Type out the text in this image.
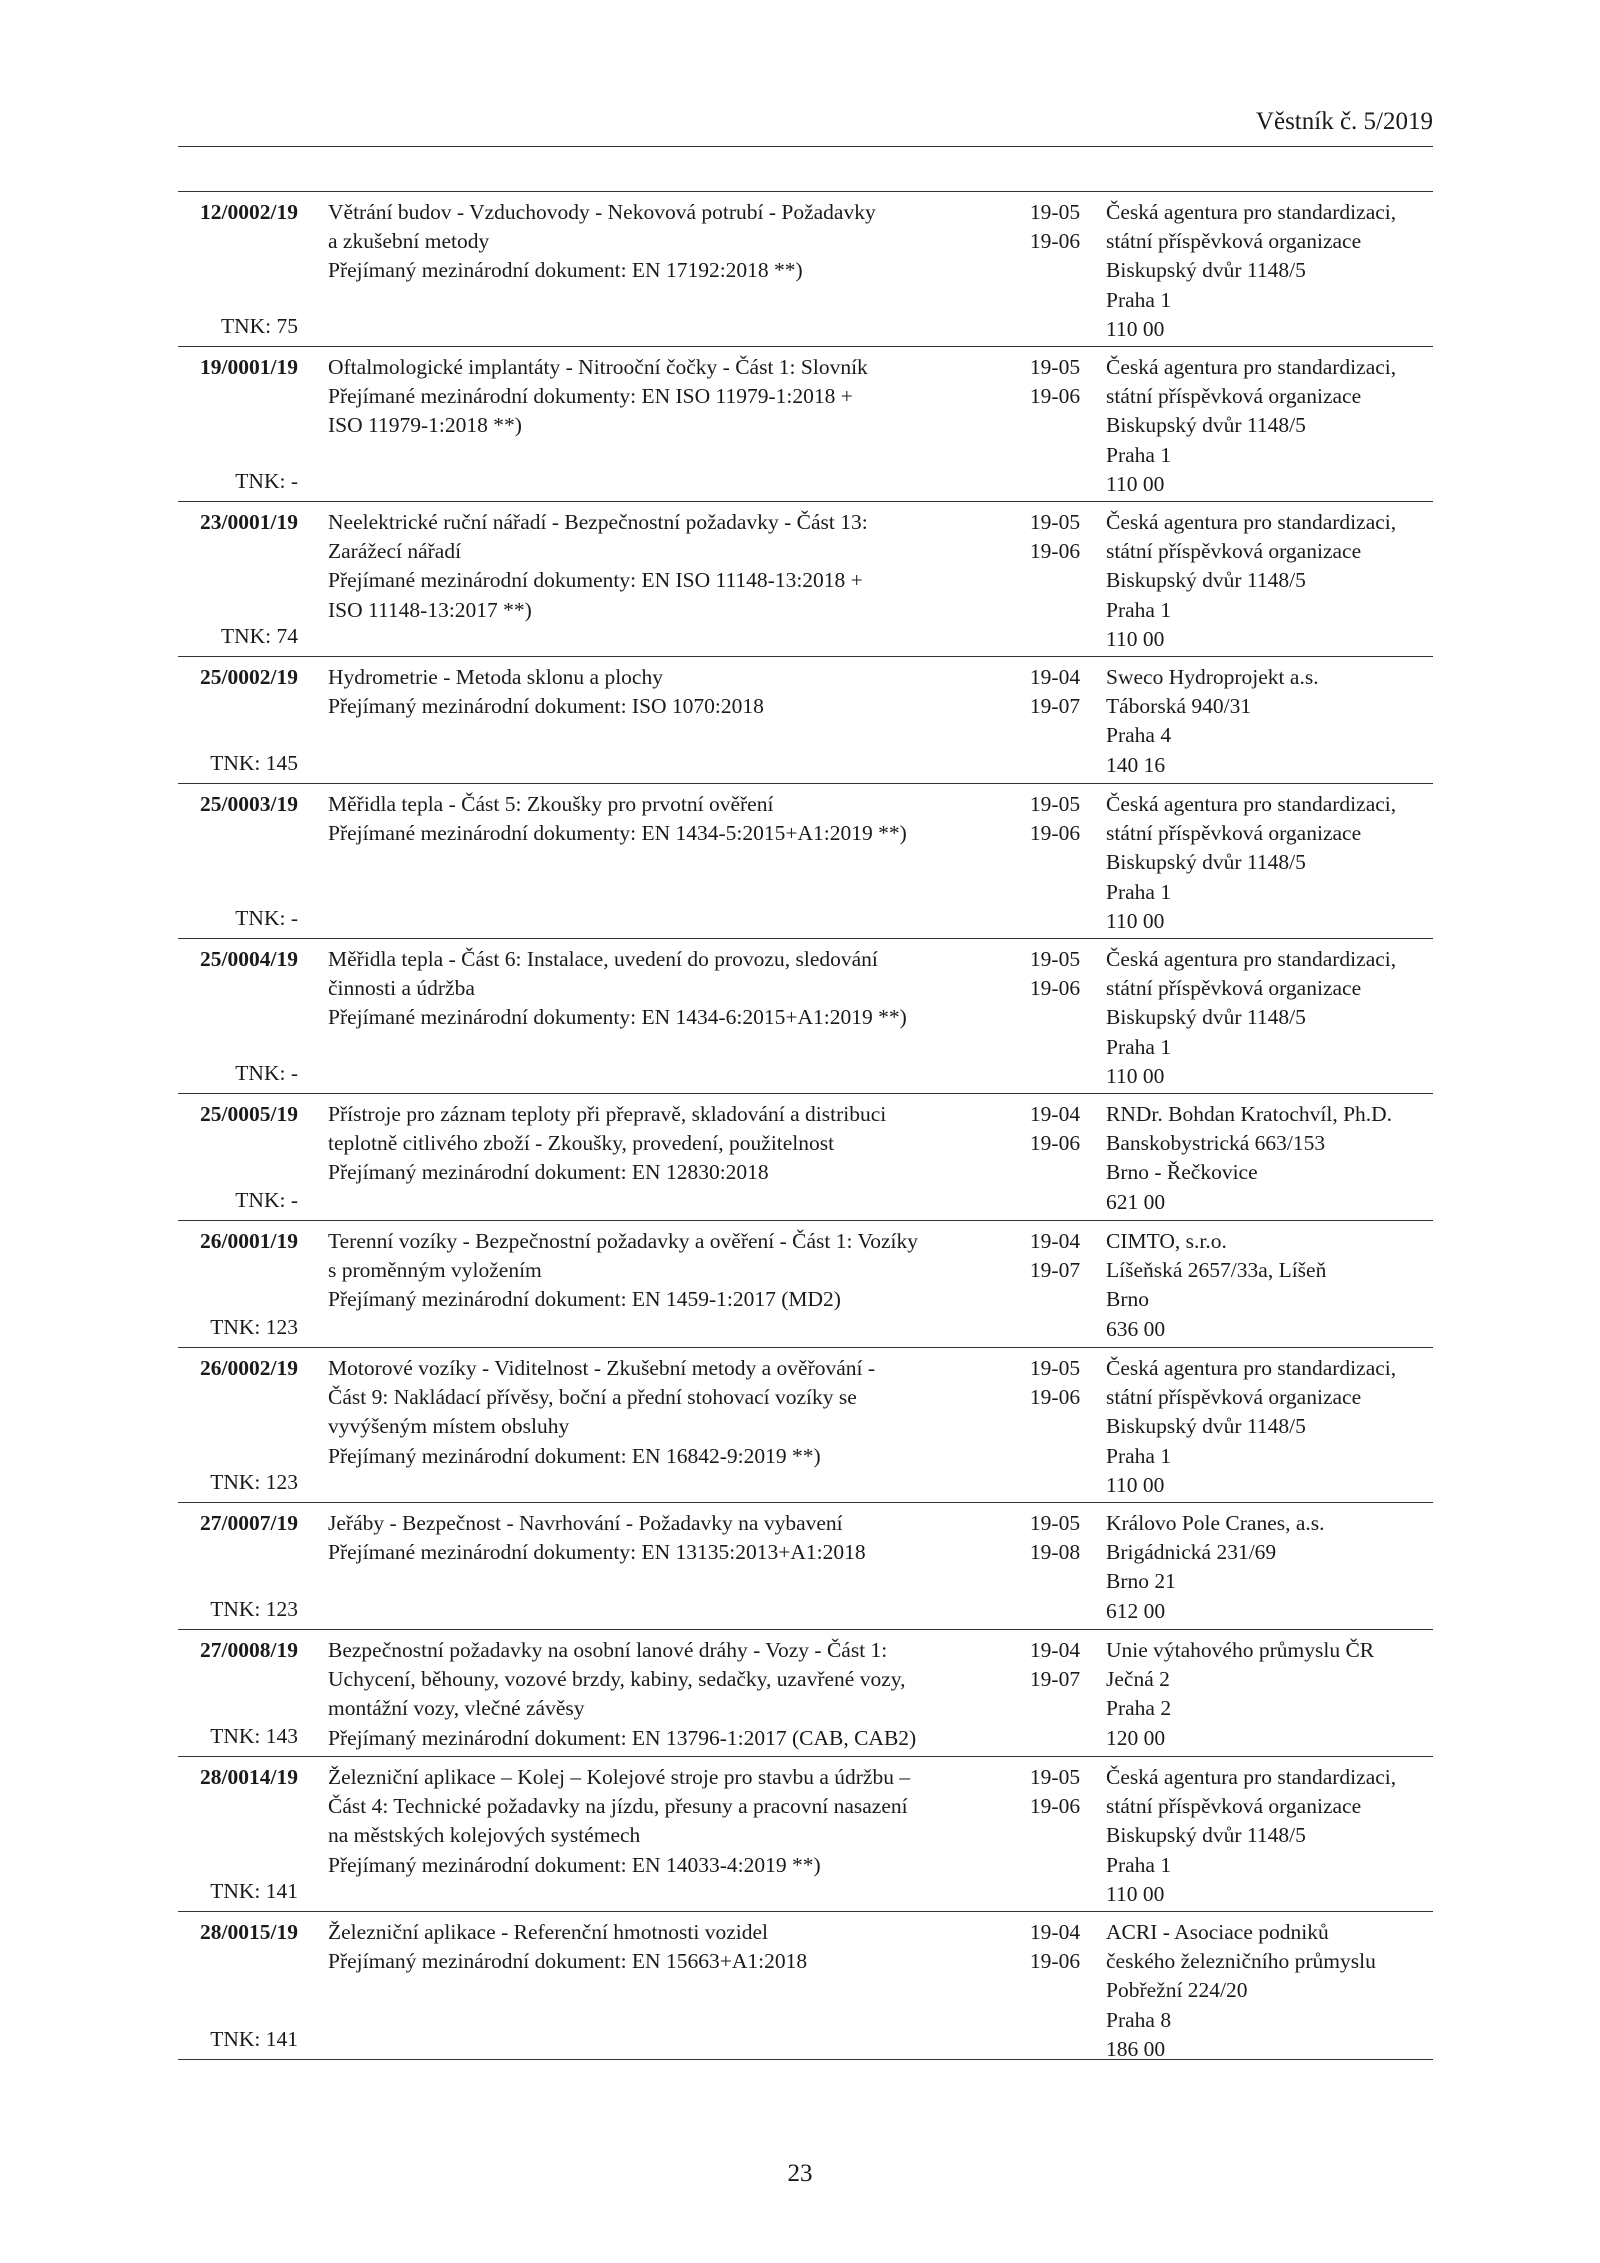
Věstník č. 5/2019
12/0002/19
TNK: 75
Větrání budov - Vzduchovody - Nekovová potrubí - Požadavky
a zkušební metody
Přejímaný mezinárodní dokument: EN 17192:2018 **)
19-05
19-06
Česká agentura pro standardizaci,
státní příspěvková organizace
Biskupský dvůr 1148/5
Praha 1
110 00
19/0001/19
TNK: -
Oftalmologické implantáty - Nitrooční čočky - Část 1: Slovník
Přejímané mezinárodní dokumenty: EN ISO 11979-1:2018 +
ISO 11979-1:2018 **)
19-05
19-06
Česká agentura pro standardizaci,
státní příspěvková organizace
Biskupský dvůr 1148/5
Praha 1
110 00
23/0001/19
TNK: 74
Neelektrické ruční nářadí - Bezpečnostní požadavky - Část 13:
Zarážecí nářadí
Přejímané mezinárodní dokumenty: EN ISO 11148-13:2018 +
ISO 11148-13:2017 **)
19-05
19-06
Česká agentura pro standardizaci,
státní příspěvková organizace
Biskupský dvůr 1148/5
Praha 1
110 00
25/0002/19
TNK: 145
Hydrometrie - Metoda sklonu a plochy
Přejímaný mezinárodní dokument: ISO 1070:2018
19-04
19-07
Sweco Hydroprojekt a.s.
Táborská 940/31
Praha 4
140 16
25/0003/19
TNK: -
Měřidla tepla - Část 5: Zkoušky pro prvotní ověření
Přejímané mezinárodní dokumenty: EN 1434-5:2015+A1:2019 **)
19-05
19-06
Česká agentura pro standardizaci,
státní příspěvková organizace
Biskupský dvůr 1148/5
Praha 1
110 00
25/0004/19
TNK: -
Měřidla tepla - Část 6: Instalace, uvedení do provozu, sledování
činnosti a údržba
Přejímané mezinárodní dokumenty: EN 1434-6:2015+A1:2019 **)
19-05
19-06
Česká agentura pro standardizaci,
státní příspěvková organizace
Biskupský dvůr 1148/5
Praha 1
110 00
25/0005/19
TNK: -
Přístroje pro záznam teploty při přepravě, skladování a distribuci
teplotně citlivého zboží - Zkoušky, provedení, použitelnost
Přejímaný mezinárodní dokument: EN 12830:2018
19-04
19-06
RNDr. Bohdan Kratochvíl, Ph.D.
Banskobystrická 663/153
Brno - Řečkovice
621 00
26/0001/19
TNK: 123
Terenní vozíky - Bezpečnostní požadavky a ověření - Část 1: Vozíky
s proměnným vyložením
Přejímaný mezinárodní dokument: EN 1459-1:2017 (MD2)
19-04
19-07
CIMTO, s.r.o.
Líšeňská 2657/33a, Líšeň
Brno
636 00
26/0002/19
TNK: 123
Motorové vozíky - Viditelnost - Zkušební metody a ověřování -
Část 9: Nakládací přívěsy, boční a přední stohovací vozíky se
vyvýšeným místem obsluhy
Přejímaný mezinárodní dokument: EN 16842-9:2019 **)
19-05
19-06
Česká agentura pro standardizaci,
státní příspěvková organizace
Biskupský dvůr 1148/5
Praha 1
110 00
27/0007/19
TNK: 123
Jeřáby - Bezpečnost - Navrhování - Požadavky na vybavení
Přejímané mezinárodní dokumenty: EN 13135:2013+A1:2018
19-05
19-08
Královo Pole Cranes, a.s.
Brigádnická 231/69
Brno 21
612 00
27/0008/19
TNK: 143
Bezpečnostní požadavky na osobní lanové dráhy - Vozy - Část 1:
Uchycení, běhouny, vozové brzdy, kabiny, sedačky, uzavřené vozy,
montážní vozy, vlečné závěsy
Přejímaný mezinárodní dokument: EN 13796-1:2017 (CAB, CAB2)
19-04
19-07
Unie výtahového průmyslu ČR
Ječná 2
Praha 2
120 00
28/0014/19
TNK: 141
Železniční aplikace – Kolej – Kolejové stroje pro stavbu a údržbu –
Část 4: Technické požadavky na jízdu, přesuny a pracovní nasazení
na městských kolejových systémech
Přejímaný mezinárodní dokument: EN 14033-4:2019 **)
19-05
19-06
Česká agentura pro standardizaci,
státní příspěvková organizace
Biskupský dvůr 1148/5
Praha 1
110 00
28/0015/19
TNK: 141
Železniční aplikace - Referenční hmotnosti vozidel
Přejímaný mezinárodní dokument: EN 15663+A1:2018
19-04
19-06
ACRI - Asociace podniků
českého železničního průmyslu
Pobřežní 224/20
Praha 8
186 00
23
